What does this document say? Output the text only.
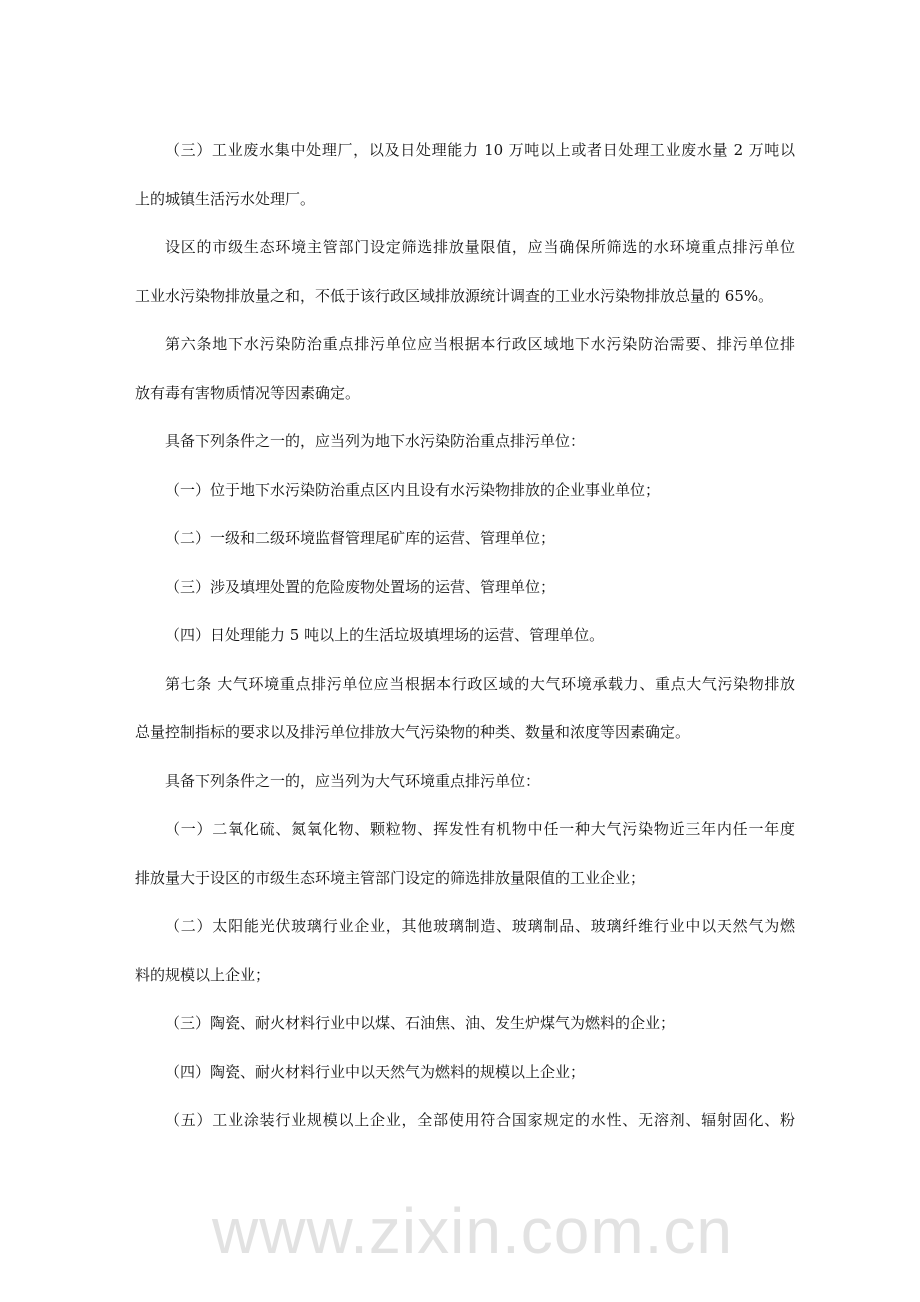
www.zixin.com.cn
（三）工业废水集中处理厂，以及日处理能力 10 万吨以上或者日处理工业废水量 2 万吨以
上的城镇生活污水处理厂。
设区的市级生态环境主管部门设定筛选排放量限值，应当确保所筛选的水环境重点排污单位
工业水污染物排放量之和，不低于该行政区域排放源统计调查的工业水污染物排放总量的 65%。
第六条地下水污染防治重点排污单位应当根据本行政区域地下水污染防治需要、排污单位排
放有毒有害物质情况等因素确定。
具备下列条件之一的，应当列为地下水污染防治重点排污单位：
（一）位于地下水污染防治重点区内且设有水污染物排放的企业事业单位；
（二）一级和二级环境监督管理尾矿库的运营、管理单位；
（三）涉及填埋处置的危险废物处置场的运营、管理单位；
（四）日处理能力 5 吨以上的生活垃圾填埋场的运营、管理单位。
第七条 大气环境重点排污单位应当根据本行政区域的大气环境承载力、重点大气污染物排放
总量控制指标的要求以及排污单位排放大气污染物的种类、数量和浓度等因素确定。
具备下列条件之一的，应当列为大气环境重点排污单位：
（一）二氧化硫、氮氧化物、颗粒物、挥发性有机物中任一种大气污染物近三年内任一年度
排放量大于设区的市级生态环境主管部门设定的筛选排放量限值的工业企业；
（二）太阳能光伏玻璃行业企业，其他玻璃制造、玻璃制品、玻璃纤维行业中以天然气为燃
料的规模以上企业；
（三）陶瓷、耐火材料行业中以煤、石油焦、油、发生炉煤气为燃料的企业；
（四）陶瓷、耐火材料行业中以天然气为燃料的规模以上企业；
（五）工业涂装行业规模以上企业，全部使用符合国家规定的水性、无溶剂、辐射固化、粉
